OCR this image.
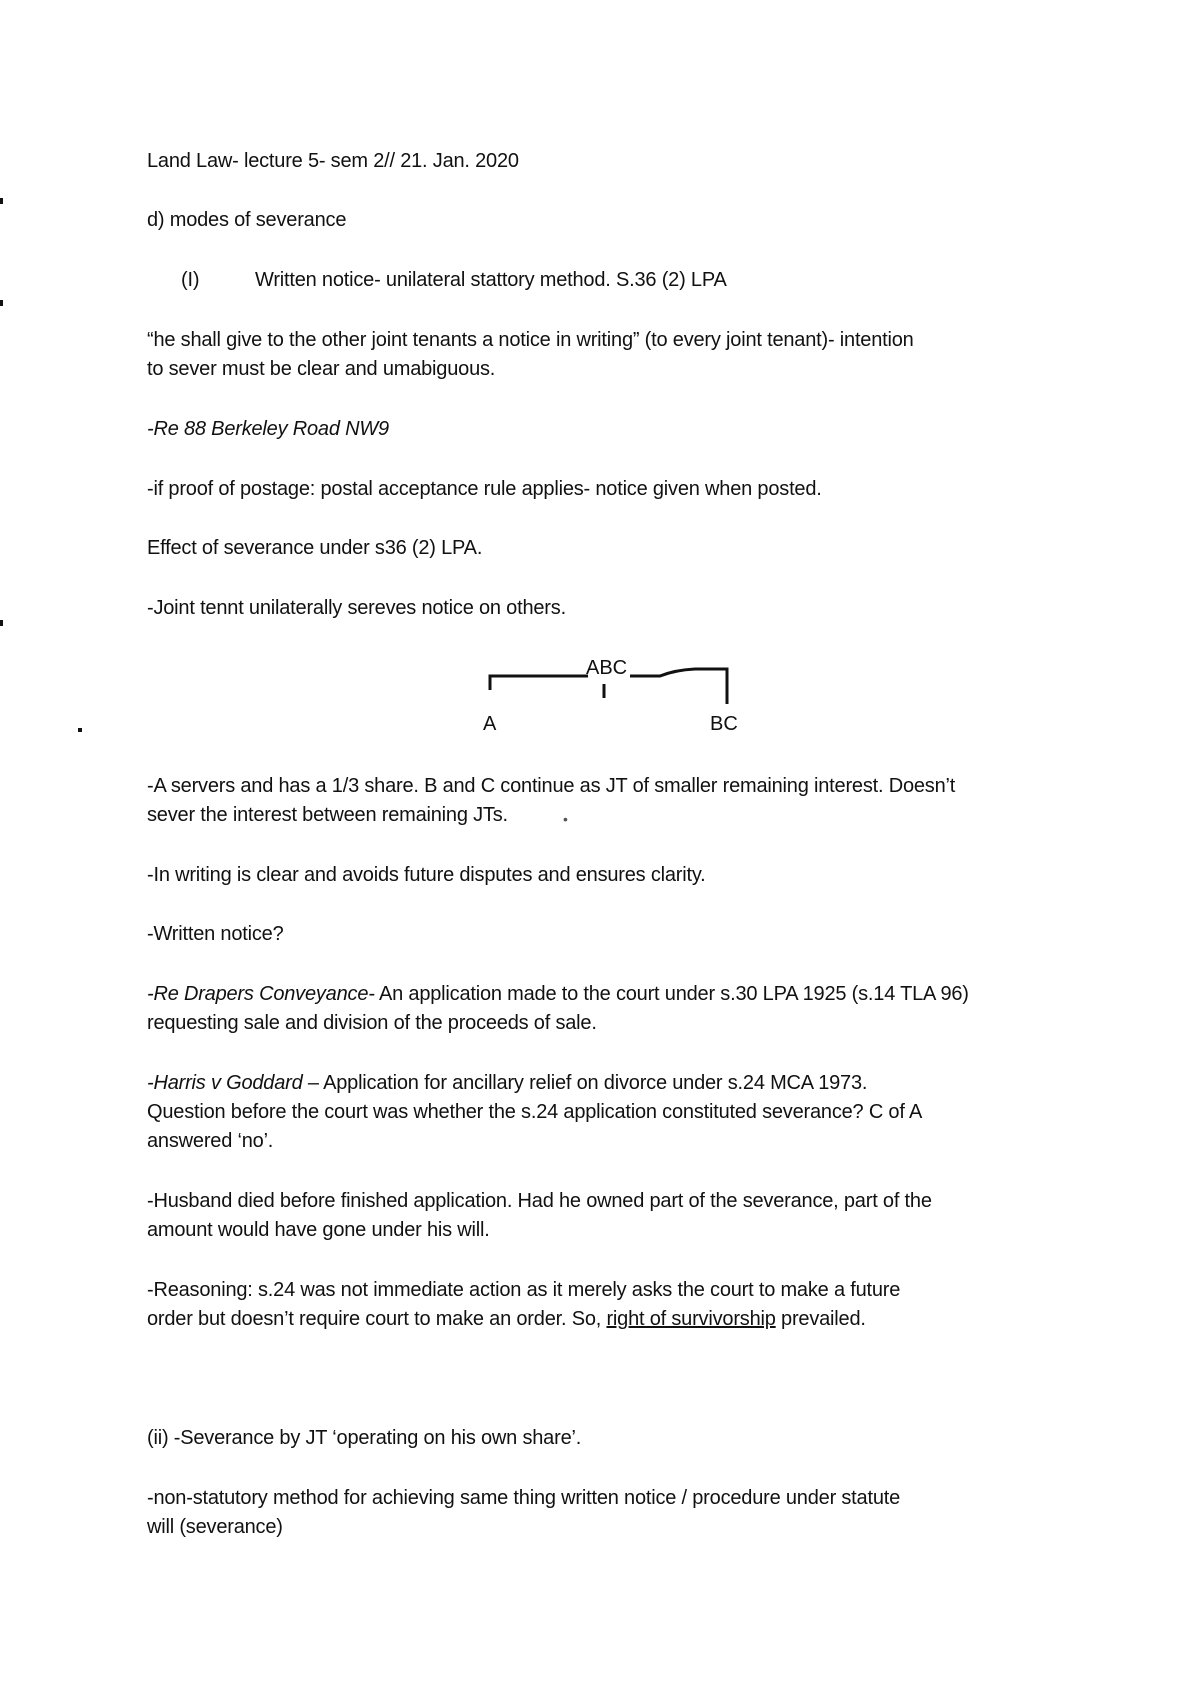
Land Law- lecture 5- sem 2// 21. Jan. 2020
d) modes of severance
(I)	Written notice- unilateral stattory method. S.36 (2) LPA
“he shall give to the other joint tenants a notice in writing” (to every joint tenant)- intention
to sever must be clear and umabiguous.
-Re 88 Berkeley Road NW9
-if proof of postage: postal acceptance rule applies- notice given when posted.
Effect of severance under s36 (2) LPA.
-Joint tennt unilaterally sereves notice on others.
ABC
A	BC
-A servers and has a 1/3 share. B and C continue as JT of smaller remaining interest. Doesn’t
sever the interest between remaining JTs.	•
-In writing is clear and avoids future disputes and ensures clarity.
-Written notice?
-Re Drapers Conveyance- An application made to the court under s.30 LPA 1925 (s.14 TLA 96)
requesting sale and division of the proceeds of sale.
-Harris v Goddard – Application for ancillary relief on divorce under s.24 MCA 1973.
Question before the court was whether the s.24 application constituted severance? C of A
answered ‘no’.
-Husband died before finished application. Had he owned part of the severance, part of the
amount would have gone under his will.
-Reasoning: s.24 was not immediate action as it merely asks the court to make a future
order but doesn’t require court to make an order. So, right of survivorship prevailed.
(ii) -Severance by JT ‘operating on his own share’.
-non-statutory method for achieving same thing written notice / procedure under statute
will (severance)
